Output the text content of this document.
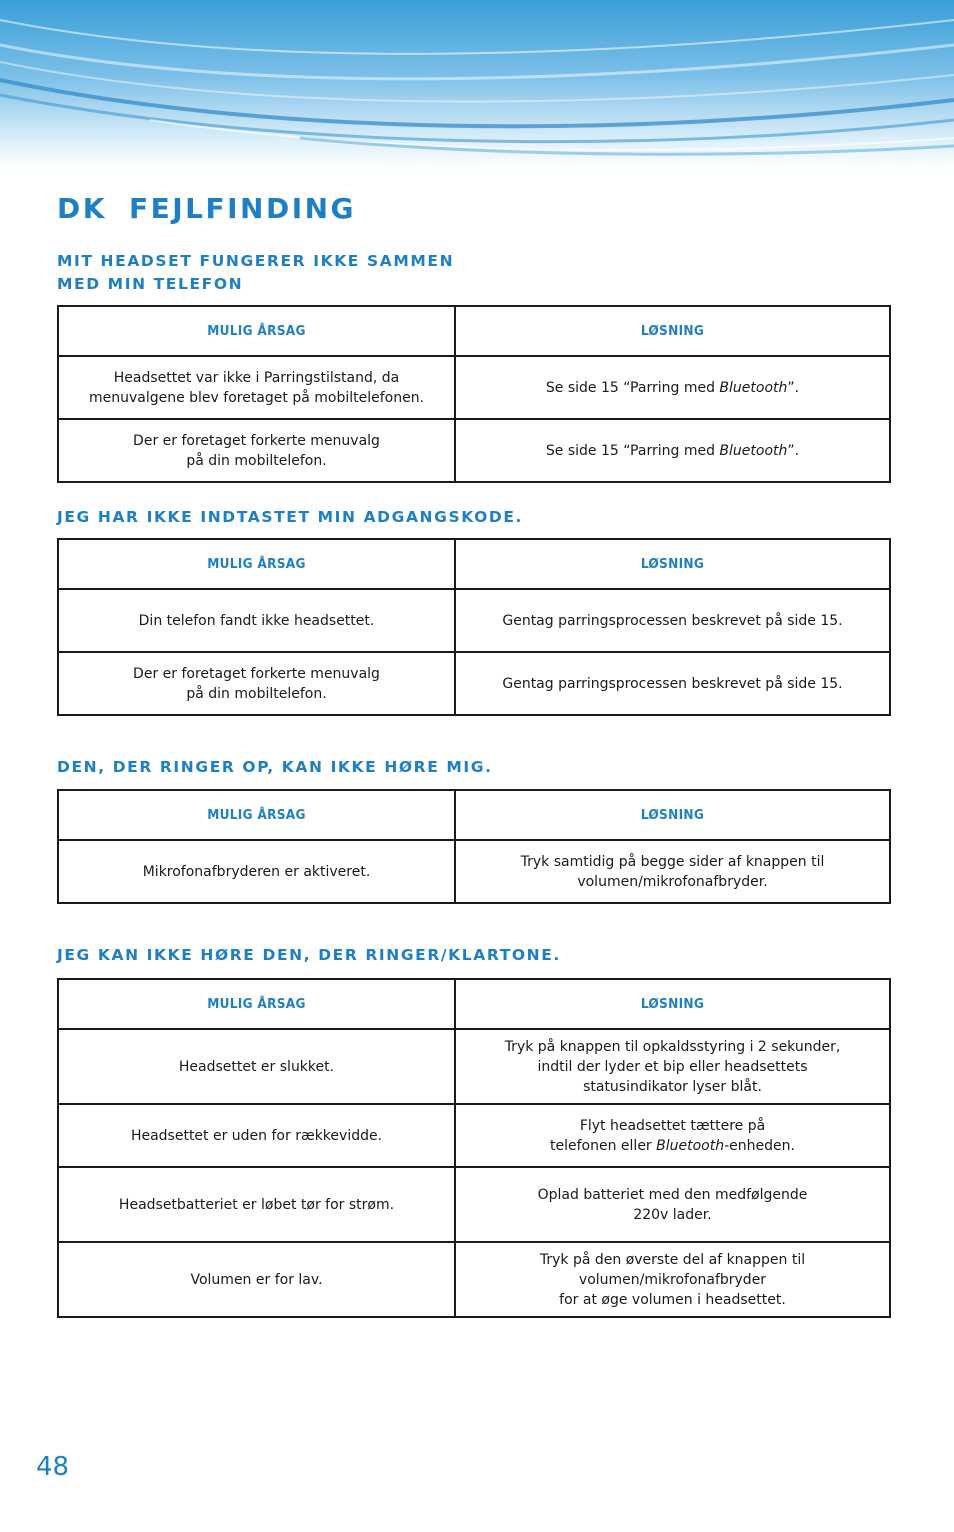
DK FEJLFINDING
MIT HEADSET FUNGERER IKKE SAMMEN
MED MIN TELEFON
MULIG ÅRSAG	LØSNING

Headsettet var ikke i Parringstilstand, da
menuvalgene blev foretaget på mobiltelefonen.	Se side 15 “Parring med Bluetooth”.

Der er foretaget forkerte menuvalg
på din mobiltelefon.	Se side 15 “Parring med Bluetooth”.
JEG HAR IKKE INDTASTET MIN ADGANGSKODE.
MULIG ÅRSAG	LØSNING

Din telefon fandt ikke headsettet.	Gentag parringsprocessen beskrevet på side 15.

Der er foretaget forkerte menuvalg
på din mobiltelefon.	Gentag parringsprocessen beskrevet på side 15.
DEN, DER RINGER OP, KAN IKKE HØRE MIG.
MULIG ÅRSAG	LØSNING

Mikrofonafbryderen er aktiveret.	Tryk samtidig på begge sider af knappen til
volumen/mikrofonafbryder.
JEG KAN IKKE HØRE DEN, DER RINGER/KLARTONE.
MULIG ÅRSAG	LØSNING

Headsettet er slukket.	Tryk på knappen til opkaldsstyring i 2 sekunder,
indtil der lyder et bip eller headsettets
statusindikator lyser blåt.

Headsettet er uden for rækkevidde.	Flyt headsettet tættere på
telefonen eller Bluetooth-enheden.

Headsetbatteriet er løbet tør for strøm.	Oplad batteriet med den medfølgende
220v lader.

Volumen er for lav.	Tryk på den øverste del af knappen til
volumen/mikrofonafbryder
for at øge volumen i headsettet.

48
